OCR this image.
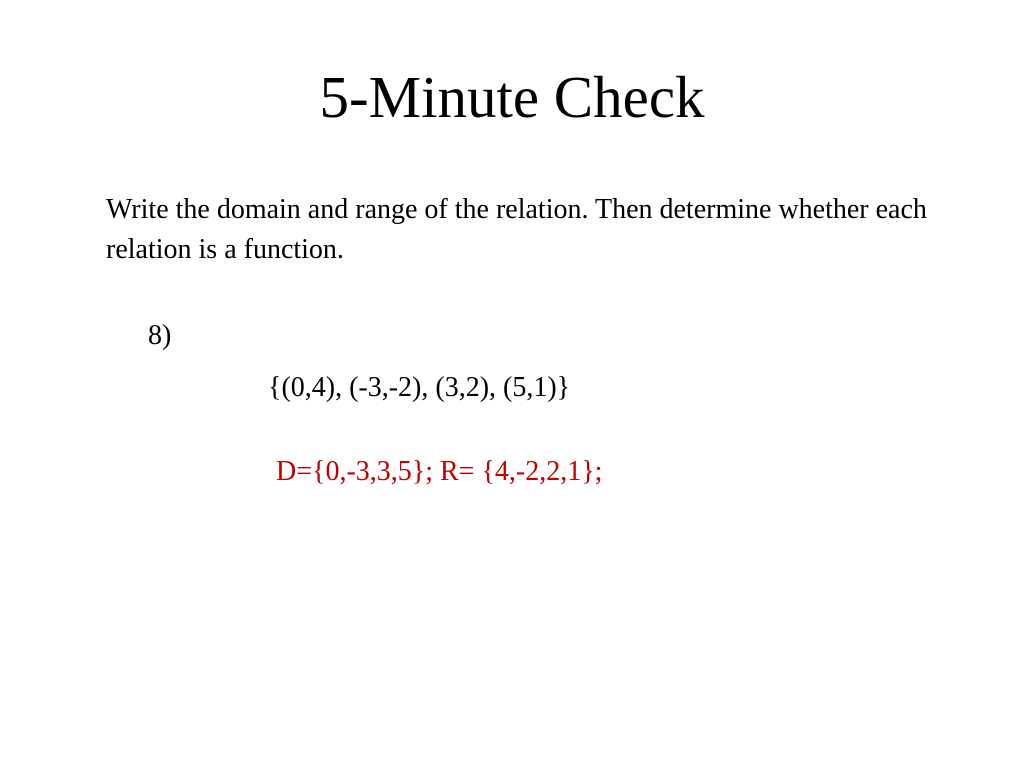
5-Minute Check

Write the domain and range of the relation. Then determine whether each relation is a function.

8)
{(0,4), (-3,-2), (3,2), (5,1)}
D={0,-3,3,5}; R= {4,-2,2,1};
